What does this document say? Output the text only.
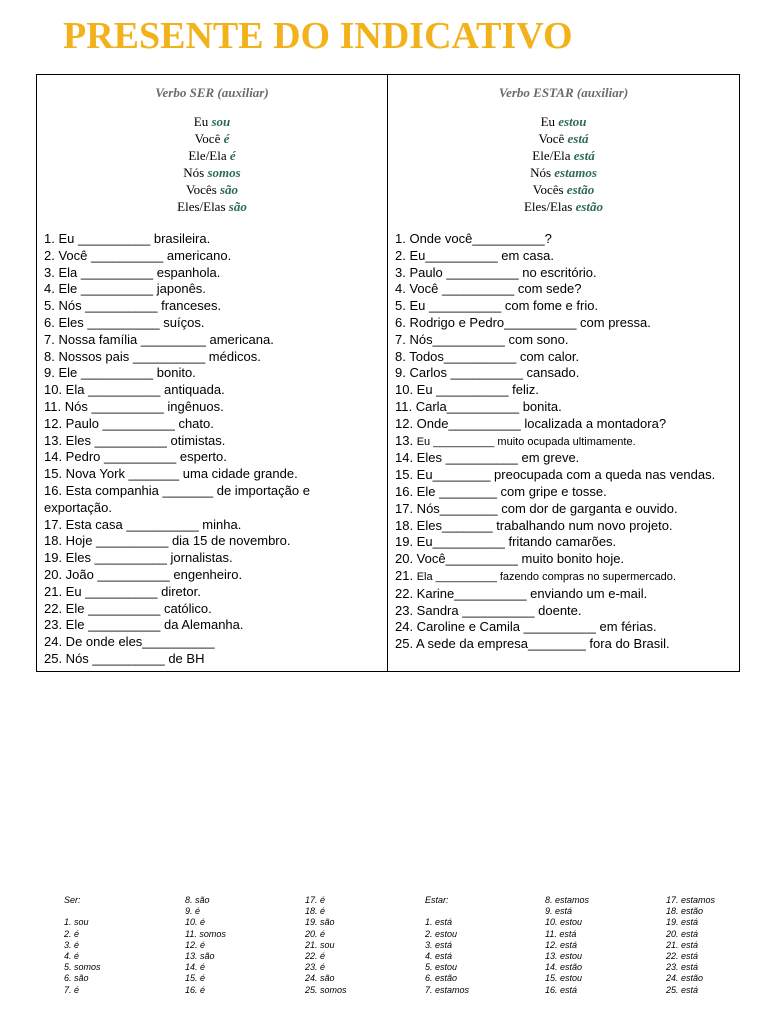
PRESENTE DO INDICATIVO
Verbo SER (auxiliar)
Eu sou
Você é
Ele/Ela é
Nós somos
Vocês são
Eles/Elas são
1. Eu __________ brasileira.
2. Você __________ americano.
3. Ela __________ espanhola.
4. Ele __________ japonês.
5. Nós __________ franceses.
6. Eles __________ suíços.
7. Nossa família _________ americana.
8. Nossos pais __________ médicos.
9. Ele __________ bonito.
10. Ela __________ antiquada.
11. Nós __________ ingênuos.
12. Paulo __________ chato.
13. Eles __________ otimistas.
14. Pedro __________ esperto.
15. Nova York _______ uma cidade grande.
16. Esta companhia _______ de importação e exportação.
17. Esta casa __________ minha.
18. Hoje __________ dia 15 de novembro.
19. Eles __________ jornalistas.
20. João __________ engenheiro.
21. Eu __________ diretor.
22. Ele __________ católico.
23. Ele __________ da Alemanha.
24. De onde eles__________
25. Nós __________ de BH
Verbo ESTAR (auxiliar)
Eu estou
Você está
Ele/Ela está
Nós estamos
Vocês estão
Eles/Elas estão
1. Onde você__________?
2. Eu__________ em casa.
3. Paulo __________ no escritório.
4. Você __________ com sede?
5. Eu __________ com fome e frio.
6. Rodrigo e Pedro__________ com pressa.
7. Nós__________ com sono.
8. Todos__________ com calor.
9. Carlos __________ cansado.
10. Eu __________ feliz.
11. Carla__________ bonita.
12. Onde__________ localizada a montadora?
13. Eu __________ muito ocupada ultimamente.
14. Eles __________ em greve.
15. Eu________ preocupada com a queda nas vendas.
16. Ele ________ com gripe e tosse.
17. Nós________ com dor de garganta e ouvido.
18. Eles_______ trabalhando num novo projeto.
19. Eu__________ fritando camarões.
20. Você__________ muito bonito hoje.
21. Ela __________ fazendo compras no supermercado.
22. Karine__________ enviando um e-mail.
23. Sandra __________ doente.
24. Caroline e Camila __________ em férias.
25. A sede da empresa________ fora do Brasil.
Ser:

1. sou
2. é
3. é
4. é
5. somos
6. são
7. é
8. são
9. é
10. é
11. somos
12. é
13. são
14. é
15. é
16. é
17. é
18. é
19. são
20. é
21. sou
22. é
23. é
24. são
25. somos
Estar:

1. está
2. estou
3. está
4. está
5. estou
6. estão
7. estamos
8. estamos
9. está
10. estou
11. está
12. está
13. estou
14. estão
15. estou
16. está
17. estamos
18. estão
19. está
20. está
21. está
22. está
23. está
24. estão
25. está
